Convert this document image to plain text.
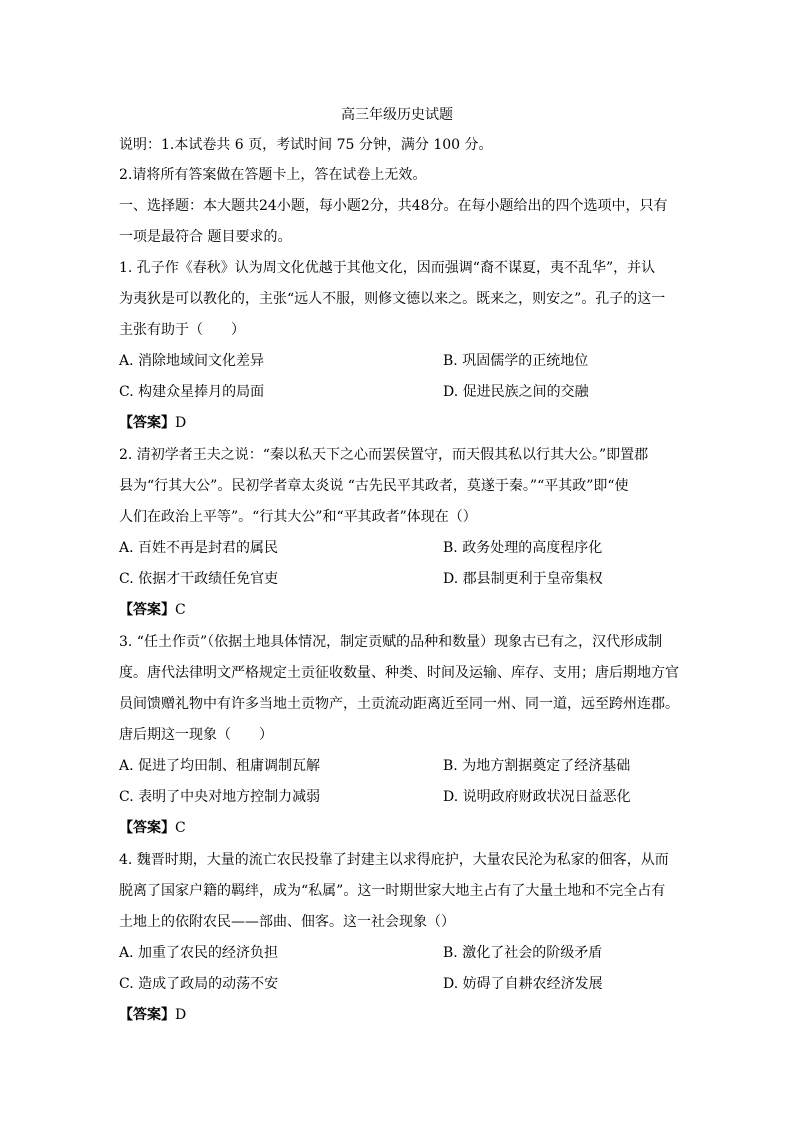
高三年级历史试题
说明：1.本试卷共 6 页，考试时间 75 分钟，满分 100 分。
2.请将所有答案做在答题卡上，答在试卷上无效。
一、选择题：本大题共24小题，每小题2分，共48分。在每小题给出的四个选项中，只有
一项是最符合 题目要求的。
1. 孔子作《春秋》认为周文化优越于其他文化，因而强调“裔不谋夏，夷不乱华”，并认
为夷狄是可以教化的，主张“远人不服，则修文德以来之。既来之，则安之”。孔子的这一
主张有助于（　　）
A. 消除地域间文化差异	B. 巩固儒学的正统地位
C. 构建众星捧月的局面	D. 促进民族之间的交融
【答案】D
2. 清初学者王夫之说：“秦以私天下之心而罢侯置守，而天假其私以行其大公。”即置郡
县为“行其大公”。民初学者章太炎说 “古先民平其政者，莫遂于秦。”“平其政”即“使
人们在政治上平等”。“行其大公”和“平其政者”体现在（）
A. 百姓不再是封君的属民	B. 政务处理的高度程序化
C. 依据才干政绩任免官吏	D. 郡县制更利于皇帝集权
【答案】C
3. “任土作贡”（依据土地具体情况，制定贡赋的品种和数量）现象古已有之，汉代形成制
度。唐代法律明文严格规定土贡征收数量、种类、时间及运输、库存、支用；唐后期地方官
员间馈赠礼物中有许多当地土贡物产，土贡流动距离近至同一州、同一道，远至跨州连郡。
唐后期这一现象（　　）
A. 促进了均田制、租庸调制瓦解	B. 为地方割据奠定了经济基础
C. 表明了中央对地方控制力减弱	D. 说明政府财政状况日益恶化
【答案】C
4. 魏晋时期，大量的流亡农民投靠了封建主以求得庇护，大量农民沦为私家的佃客，从而
脱离了国家户籍的羁绊，成为“私属”。这一时期世家大地主占有了大量土地和不完全占有
土地上的依附农民——部曲、佃客。这一社会现象（）
A. 加重了农民的经济负担	B. 激化了社会的阶级矛盾
C. 造成了政局的动荡不安	D. 妨碍了自耕农经济发展
【答案】D
